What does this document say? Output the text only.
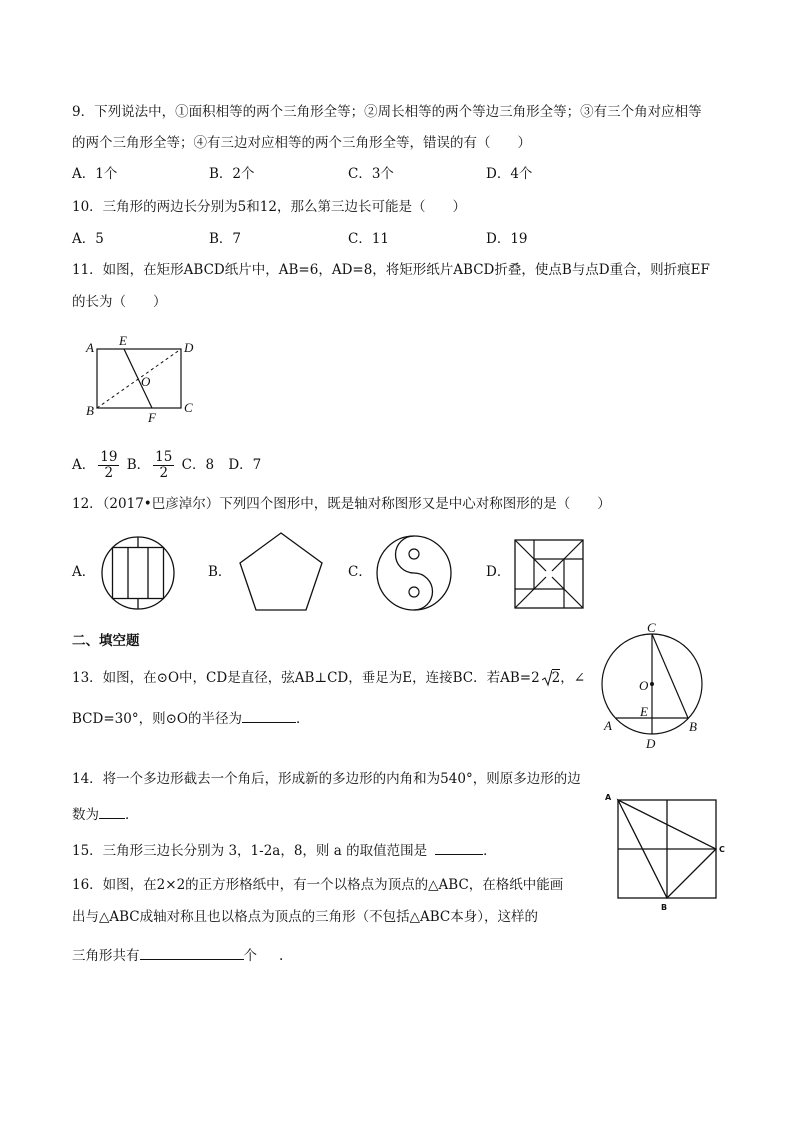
9．下列说法中，①面积相等的两个三角形全等；②周长相等的两个等边三角形全等；③有三个角对应相等
的两个三角形全等；④有三边对应相等的两个三角形全等，错误的有（　　）
A．1个	B．2个	C．3个	D．4个
10．三角形的两边长分别为5和12，那么第三边长可能是（　　）
A．5	B．7	C．11	D．19
11．如图，在矩形ABCD纸片中，AB=6，AD=8，将矩形纸片ABCD折叠，使点B与点D重合，则折痕EF
的长为（　　）
A	D
E
O
B	C
F
A． $\frac{19}{2}$ B． $\frac{15}{2}$ C．8 D．7
12．（2017•巴彦淖尔）下列四个图形中，既是轴对称图形又是中心对称图形的是（　　）
A．	B．	C．	D．
二、填空题
13．如图，在⊙O中，CD是直径，弦AB⊥CD，垂足为E，连接BC．若AB=2 2，∠
BCD=30°，则⊙O的半径为	．
C
O
E
A	B
D
14．将一个多边形截去一个角后，形成新的多边形的内角和为540°，则原多边形的边
数为 ．
15．三角形三边长分别为 3，1-2a，8，则 a 的取值范围是	．
16．如图，在2×2的正方形格纸中，有一个以格点为顶点的△ABC，在格纸中能画
出与△ABC成轴对称且也以格点为顶点的三角形（不包括△ABC本身），这样的
三角形共有	个 .
A
C
B
